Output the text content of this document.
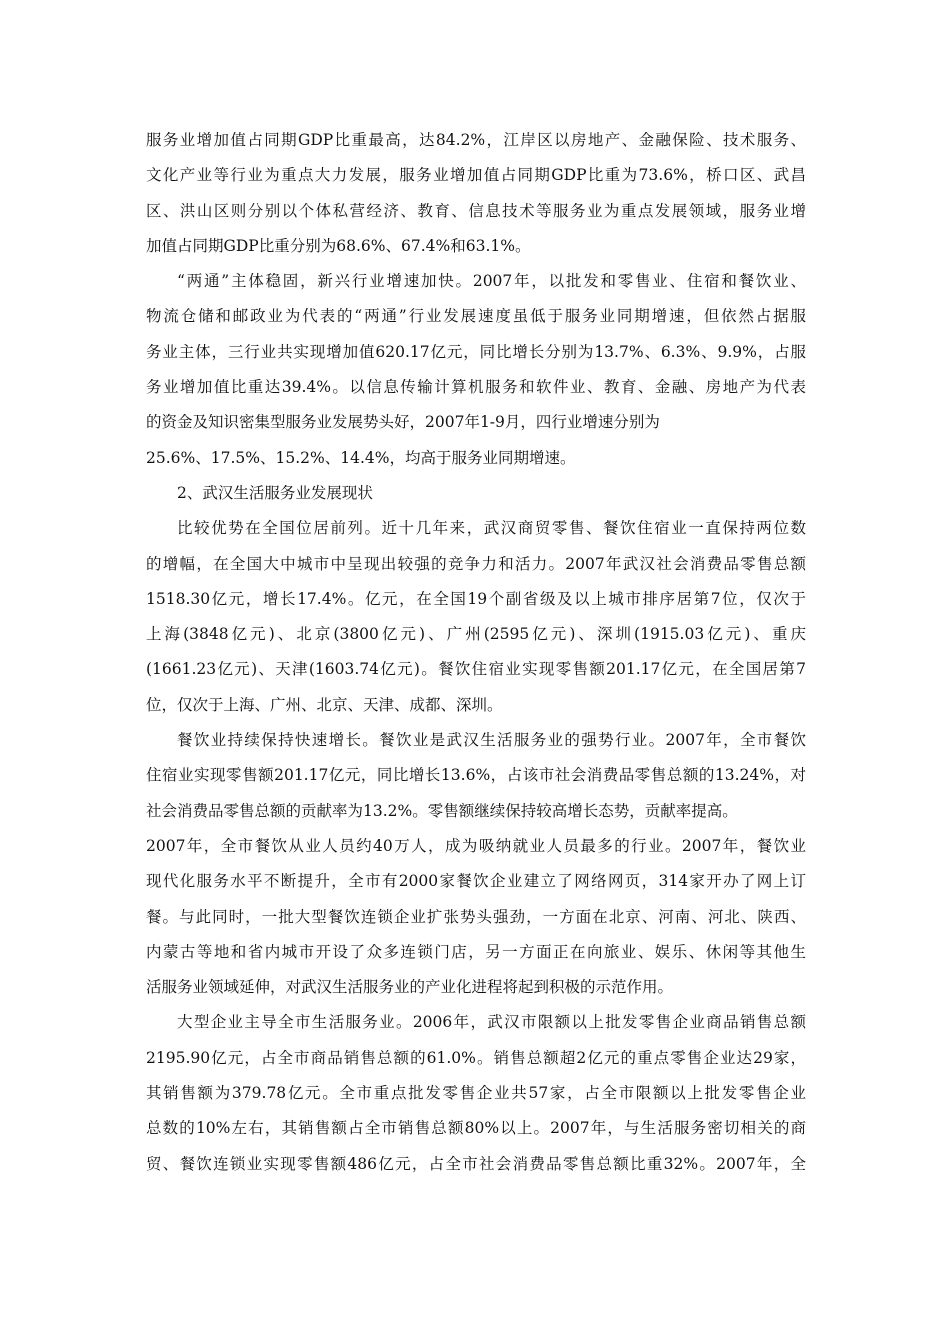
服务业增加值占同期GDP比重最高，达84.2%，江岸区以房地产、金融保险、技术服务、
文化产业等行业为重点大力发展，服务业增加值占同期GDP比重为73.6%，桥口区、武昌
区、洪山区则分别以个体私营经济、教育、信息技术等服务业为重点发展领域，服务业增
加值占同期GDP比重分别为68.6%、67.4%和63.1%。
“两通”主体稳固，新兴行业增速加快。2007年，以批发和零售业、住宿和餐饮业、
物流仓储和邮政业为代表的“两通”行业发展速度虽低于服务业同期增速，但依然占据服
务业主体，三行业共实现增加值620.17亿元，同比增长分别为13.7%、6.3%、9.9%，占服
务业增加值比重达39.4%。以信息传输计算机服务和软件业、教育、金融、房地产为代表
的资金及知识密集型服务业发展势头好，2007年1-9月，四行业增速分别为
25.6%、17.5%、15.2%、14.4%，均高于服务业同期增速。
2、武汉生活服务业发展现状
比较优势在全国位居前列。近十几年来，武汉商贸零售、餐饮住宿业一直保持两位数
的增幅，在全国大中城市中呈现出较强的竞争力和活力。2007年武汉社会消费品零售总额
1518.30亿元，增长17.4%。亿元，在全国19个副省级及以上城市排序居第7位，仅次于
上海(3848亿元)、北京(3800亿元)、广州(2595亿元)、深圳(1915.03亿元)、重庆
(1661.23亿元)、天津(1603.74亿元)。餐饮住宿业实现零售额201.17亿元，在全国居第7
位，仅次于上海、广州、北京、天津、成都、深圳。
餐饮业持续保持快速增长。餐饮业是武汉生活服务业的强势行业。2007年，全市餐饮
住宿业实现零售额201.17亿元，同比增长13.6%，占该市社会消费品零售总额的13.24%，对
社会消费品零售总额的贡献率为13.2%。零售额继续保持较高增长态势，贡献率提高。
2007年，全市餐饮从业人员约40万人，成为吸纳就业人员最多的行业。2007年，餐饮业
现代化服务水平不断提升，全市有2000家餐饮企业建立了网络网页，314家开办了网上订
餐。与此同时，一批大型餐饮连锁企业扩张势头强劲，一方面在北京、河南、河北、陕西、
内蒙古等地和省内城市开设了众多连锁门店，另一方面正在向旅业、娱乐、休闲等其他生
活服务业领域延伸，对武汉生活服务业的产业化进程将起到积极的示范作用。
大型企业主导全市生活服务业。2006年，武汉市限额以上批发零售企业商品销售总额
2195.90亿元，占全市商品销售总额的61.0%。销售总额超2亿元的重点零售企业达29家，
其销售额为379.78亿元。全市重点批发零售企业共57家，占全市限额以上批发零售企业
总数的10%左右，其销售额占全市销售总额80%以上。2007年，与生活服务密切相关的商
贸、餐饮连锁业实现零售额486亿元，占全市社会消费品零售总额比重32%。2007年，全
